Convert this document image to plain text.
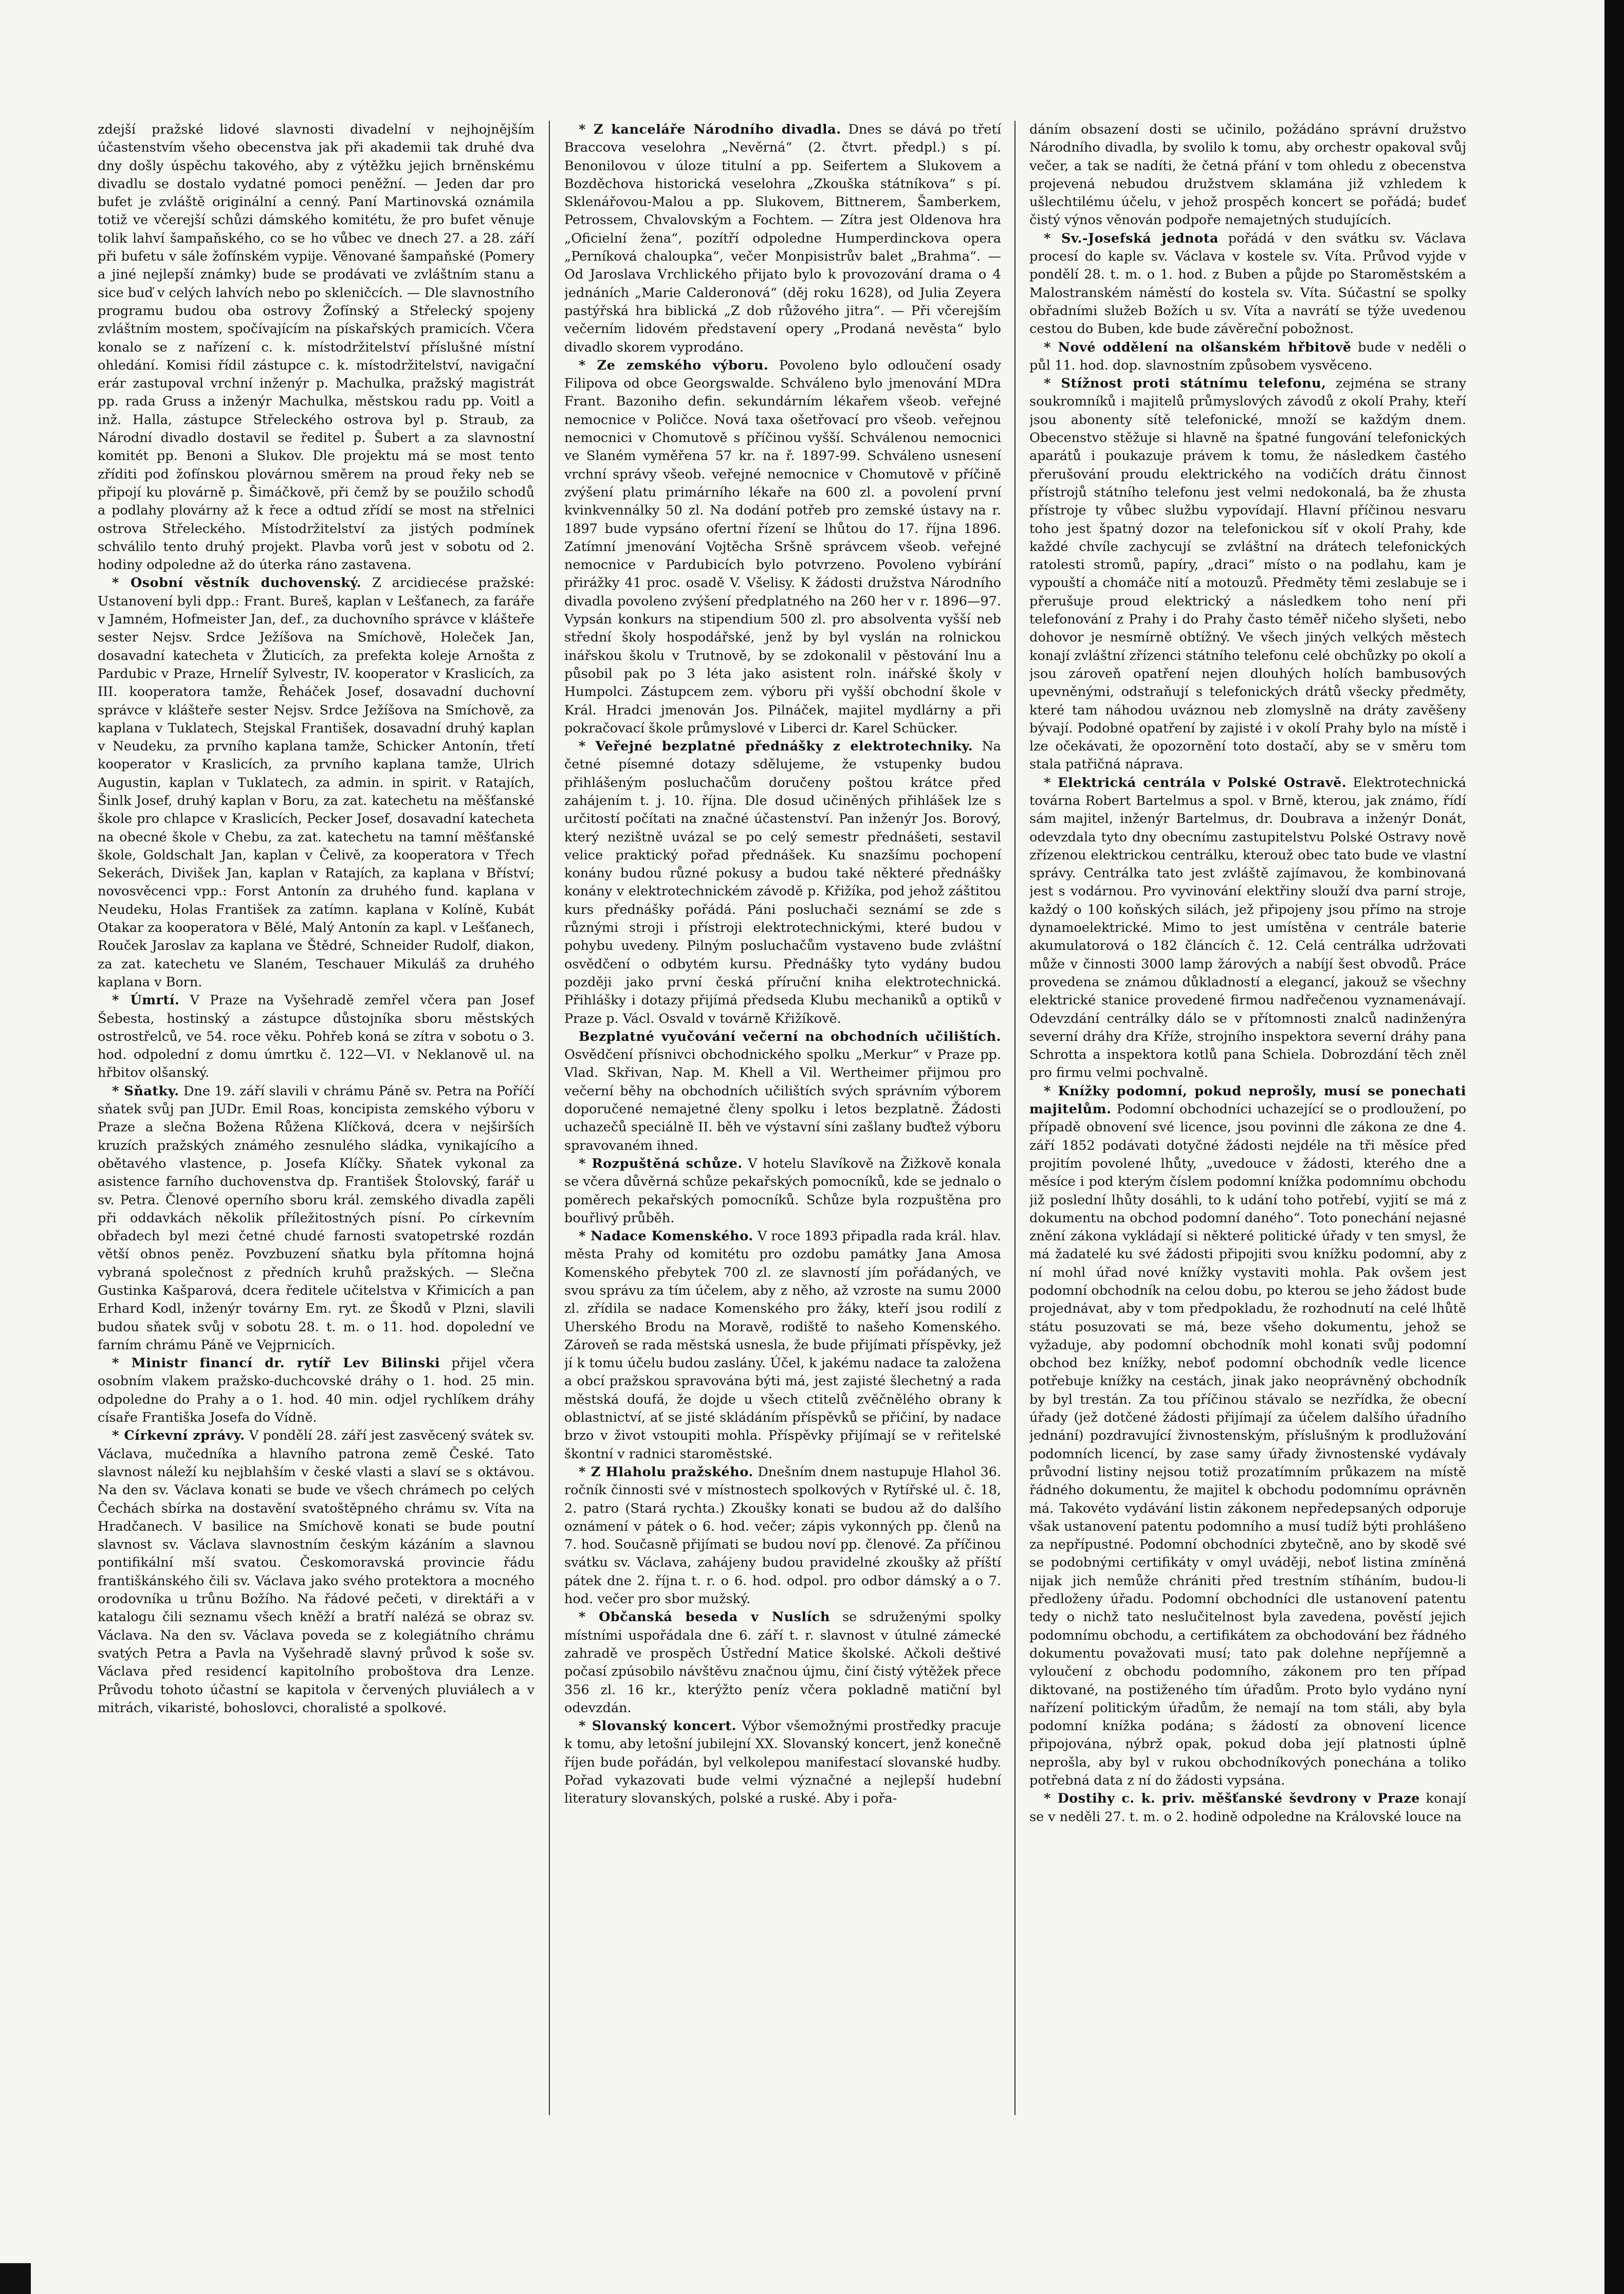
zdejší pražské lidové slavnosti divadelní v nejhojnějším účastenstvím všeho obecenstva jak při akademii tak druhé dva dny došly úspěchu takového, aby z výtěžku jejich brněnskému divadlu se dostalo vydatné pomoci peněžní. — Jeden dar pro bufet je zvláště originální a cenný. Paní Martinovská oznámila totiž ve včerejší schůzi dámského komitétu, že pro bufet věnuje tolik lahví šampaňského, co se ho vůbec ve dnech 27. a 28. září při bufetu v sále žofínském vypije. Věnované šampaňské (Pomery a jiné nejlepší známky) bude se prodávati ve zvláštním stanu a sice buď v celých lahvích nebo po skleničcích. — Dle slavnostního programu budou oba ostrovy Žofínský a Střelecký spojeny zvláštním mostem, spočívajícím na pískařských pramicích. Včera konalo se z nařízení c. k. místodržitelství příslušné místní ohledání. Komisi řídil zástupce c. k. místodržitelství, navigační erár zastupoval vrchní inženýr p. Machulka, pražský magistrát pp. rada Gruss a inženýr Machulka, městskou radu pp. Voitl a inž. Halla, zástupce Střeleckého ostrova byl p. Straub, za Národní divadlo dostavil se ředitel p. Šubert a za slavnostní komitét pp. Benoni a Slukov. Dle projektu má se most tento zříditi pod žofínskou plovárnou směrem na proud řeky neb se připojí ku plovárně p. Šimáčkově, při čemž by se použilo schodů a podlahy plovárny až k řece a odtud zřídí se most na střelnici ostrova Střeleckého. Místodržitelství za jistých podmínek schválilo tento druhý projekt. Plavba vorů jest v sobotu od 2. hodiny odpoledne až do úterka ráno zastavena.

* Osobní věstník duchovenský. Z arcidiecése pražské: Ustanovení byli dpp.: Frant. Bureš, kaplan v Lešťanech, za faráře v Jamném, Hofmeister Jan, def., za duchovního správce v klášteře sester Nejsv. Srdce Ježíšova na Smíchově, Holeček Jan, dosavadní katecheta v Žluticích, za prefekta koleje Arnošta z Pardubic v Praze, Hrnelíř Sylvestr, IV. kooperator v Kraslicích, za III. kooperatora tamže, Řeháček Josef, dosavadní duchovní správce v klášteře sester Nejsv. Srdce Ježíšova na Smíchově, za kaplana v Tuklatech, Stejskal František, dosavadní druhý kaplan v Neudeku, za prvního kaplana tamže, Schicker Antonín, třetí kooperator v Kraslicích, za prvního kaplana tamže, Ulrich Augustin, kaplan v Tuklatech, za admin. in spirit. v Ratajích, Šinlk Josef, druhý kaplan v Boru, za zat. katechetu na měšťanské škole pro chlapce v Kraslicích, Pecker Josef, dosavadní katecheta na obecné škole v Chebu, za zat. katechetu na tamní měšťanské škole, Goldschalt Jan, kaplan v Čelivě, za kooperatora v Třech Sekerách, Divišek Jan, kaplan v Ratajích, za kaplana v Bříství; novosvěcenci vpp.: Forst Antonín za druhého fund. kaplana v Neudeku, Holas František za zatímn. kaplana v Kolíně, Kubát Otakar za kooperatora v Bělé, Malý Antonín za kapl. v Lešťanech, Rouček Jaroslav za kaplana ve Štědré, Schneider Rudolf, diakon, za zat. katechetu ve Slaném, Teschauer Mikuláš za druhého kaplana v Born.

* Úmrtí. V Praze na Vyšehradě zemřel včera pan Josef Šebesta, hostinský a zástupce důstojníka sboru městských ostrostřelců, ve 54. roce věku. Pohřeb koná se zítra v sobotu o 3. hod. odpolední z domu úmrtku č. 122—VI. v Neklanově ul. na hřbitov olšanský.

* Sňatky. Dne 19. září slavili v chrámu Páně sv. Petra na Poříčí sňatek svůj pan JUDr. Emil Roas, koncipista zemského výboru v Praze a slečna Božena Růžena Klíčková, dcera v nejširších kruzích pražských známého zesnulého sládka, vynikajícího a obětavého vlastence, p. Josefa Klíčky. Sňatek vykonal za asistence farního duchovenstva dp. František Štolovský, farář u sv. Petra. Členové operního sboru král. zemského divadla zapěli při oddavkách několik příležitostných písní. Po církevním obřadech byl mezi četné chudé farnosti svatopetrské rozdán větší obnos peněz. Povzbuzení sňatku byla přítomna hojná vybraná společnost z předních kruhů pražských. — Slečna Gustinka Kašparová, dcera ředitele učitelstva v Křimicích a pan Erhard Kodl, inženýr továrny Em. ryt. ze Škodů v Plzni, slavili budou sňatek svůj v sobotu 28. t. m. o 11. hod. dopolední ve farním chrámu Páně ve Vejprnicích.

* Ministr financí dr. rytíř Lev Bilinski přijel včera osobním vlakem pražsko-duchcovské dráhy o 1. hod. 25 min. odpoledne do Prahy a o 1. hod. 40 min. odjel rychlíkem dráhy císaře Františka Josefa do Vídně.

* Církevní zprávy. V pondělí 28. září jest zasvěcený svátek sv. Václava, mučedníka a hlavního patrona země České. Tato slavnost náleží ku nejblahším v české vlasti a slaví se s oktávou. Na den sv. Václava konati se bude ve všech chrámech po celých Čechách sbírka na dostavění svatoštěpného chrámu sv. Víta na Hradčanech. V basilice na Smíchově konati se bude poutní slavnost sv. Václava slavnostním českým kázáním a slavnou pontifikální mší svatou. Českomoravská provincie řádu františkánského čili sv. Václava jako svého protektora a mocného orodovníka u trůnu Božího. Na řádové pečeti, v direktáři a v katalogu čili seznamu všech kněží a bratří nalézá se obraz sv. Václava. Na den sv. Václava poveda se z kolegiátního chrámu svatých Petra a Pavla na Vyšehradě slavný průvod k soše sv. Václava před residencí kapitolního proboštova dra Lenze. Průvodu tohoto účastní se kapitola v červených pluviálech a v mitrách, vikaristé, bohoslovci, choralisté a spolkové.

* Z kanceláře Národního divadla. Dnes se dává po třetí Braccova veselohra „Nevěrná“ (2. čtvrt. předpl.) s pí. Benonilovou v úloze titulní a pp. Seifertem a Slukovem a Bozděchova historická veselohra „Zkouška státníkova“ s pí. Sklenářovou-Malou a pp. Slukovem, Bittnerem, Šamberkem, Petrossem, Chvalovským a Fochtem. — Zítra jest Oldenova hra „Oficielní žena“, pozítří odpoledne Humperdinckova opera „Perníková chaloupka“, večer Monpisistrův balet „Brahma“. — Od Jaroslava Vrchlického přijato bylo k provozování drama o 4 jednáních „Marie Calderonová“ (děj roku 1628), od Julia Zeyera pastýřská hra biblická „Z dob růžového jitra“. — Při včerejším večerním lidovém představení opery „Prodaná nevěsta“ bylo divadlo skorem vyprodáno.

* Ze zemského výboru. Povoleno bylo odloučení osady Filipova od obce Georgswalde. Schváleno bylo jmenování MDra Frant. Bazoniho defin. sekundárním lékařem všeob. veřejné nemocnice v Poličce. Nová taxa ošetřovací pro všeob. veřejnou nemocnici v Chomutově s příčinou vyšší. Schválenou nemocnici ve Slaném vyměřena 57 kr. na ř. 1897-99. Schváleno usnesení vrchní správy všeob. veřejné nemocnice v Chomutově v příčině zvýšení platu primárního lékaře na 600 zl. a povolení první kvinkvennálky 50 zl. Na dodání potřeb pro zemské ústavy na r. 1897 bude vypsáno ofertní řízení se lhůtou do 17. října 1896. Zatímní jmenování Vojtěcha Sršně správcem všeob. veřejné nemocnice v Pardubicích bylo potvrzeno. Povoleno vybírání přirážky 41 proc. osadě V. Všelisy. K žádosti družstva Národního divadla povoleno zvýšení předplatného na 260 her v r. 1896—97. Vypsán konkurs na stipendium 500 zl. pro absolventa vyšší neb střední školy hospodářské, jenž by byl vyslán na rolnickou inářskou školu v Trutnově, by se zdokonalil v pěstování lnu a působil pak po 3 léta jako asistent roln. inářské školy v Humpolci. Zástupcem zem. výboru při vyšší obchodní škole v Král. Hradci jmenován Jos. Pilnáček, majitel mydlárny a při pokračovací škole průmyslové v Liberci dr. Karel Schücker.

* Veřejné bezplatné přednášky z elektrotechniky. Na četné písemné dotazy sdělujeme, že vstupenky budou přihlášeným posluchačům doručeny poštou krátce před zahájením t. j. 10. října. Dle dosud učiněných přihlášek lze s určitostí počítati na značné účastenství. Pan inženýr Jos. Borový, který nezištně uvázal se po celý semestr přednášeti, sestavil velice praktický pořad přednášek. Ku snazšímu pochopení konány budou různé pokusy a budou také některé přednášky konány v elektrotechnickém závodě p. Křižíka, pod jehož záštitou kurs přednášky pořádá. Páni posluchači seznámí se zde s různými stroji i přístroji elektrotechnickými, které budou v pohybu uvedeny. Pilným posluchačům vystaveno bude zvláštní osvědčení o odbytém kursu. Přednášky tyto vydány budou později jako první česká příruční kniha elektrotechnická. Přihlášky i dotazy přijímá předseda Klubu mechaniků a optiků v Praze p. Václ. Osvald v továrně Křižíkově.

Bezplatné vyučování večerní na obchodních učilištích. Osvědčení přísnivci obchodnického spolku „Merkur“ v Praze pp. Vlad. Skřivan, Nap. M. Khell a Vil. Wertheimer přijmou pro večerní běhy na obchodních učilištích svých správním výborem doporučené nemajetné členy spolku i letos bezplatně. Žádosti uchazečů speciálně II. běh ve výstavní síni zašlany buďtež výboru spravovaném ihned.

* Rozpuštěná schůze. V hotelu Slavíkově na Žižkově konala se včera důvěrná schůze pekařských pomocníků, kde se jednalo o poměrech pekařských pomocníků. Schůze byla rozpuštěna pro bouřlivý průběh.

* Nadace Komenského. V roce 1893 připadla rada král. hlav. města Prahy od komitétu pro ozdobu památky Jana Amosa Komenského přebytek 700 zl. ze slavností jím pořádaných, ve svou správu za tím účelem, aby z něho, až vzroste na sumu 2000 zl. zřídila se nadace Komenského pro žáky, kteří jsou rodilí z Uherského Brodu na Moravě, rodiště to našeho Komenského. Zároveň se rada městská usnesla, že bude přijímati příspěvky, jež jí k tomu účelu budou zaslány. Účel, k jakému nadace ta založena a obcí pražskou spravována býti má, jest zajisté šlechetný a rada městská doufá, že dojde u všech ctitelů zvěčnělého obrany k oblastnictví, ať se jisté skládáním příspěvků se přičiní, by nadace brzo v život vstoupiti mohla. Příspěvky přijímají se v reřitelské škontní v radnici staroměstské.

* Z Hlaholu pražského. Dnešním dnem nastupuje Hlahol 36. ročník činnosti své v místnostech spolkových v Rytířské ul. č. 18, 2. patro (Stará rychta.) Zkoušky konati se budou až do dalšího oznámení v pátek o 6. hod. večer; zápis vykonných pp. členů na 7. hod. Současně přijímati se budou noví pp. členové. Za příčinou svátku sv. Václava, zahájeny budou pravidelné zkoušky až příští pátek dne 2. října t. r. o 6. hod. odpol. pro odbor dámský a o 7. hod. večer pro sbor mužský.

* Občanská beseda v Nuslích se sdruženými spolky místními uspořádala dne 6. září t. r. slavnost v útulné zámecké zahradě ve prospěch Ústřední Matice školské. Ačkoli deštivé počasí zpúsobilo návštěvu značnou újmu, činí čistý výtěžek přece 356 zl. 16 kr., kterýžto peníz včera pokladně matiční byl odevzdán.

* Slovanský koncert. Výbor všemožnými prostředky pracuje k tomu, aby letošní jubilejní XX. Slovanský koncert, jenž konečně říjen bude pořádán, byl velkolepou manifestací slovanské hudby. Pořad vykazovati bude velmi význačné a nejlepší hudební literatury slovanských, polské a ruské. Aby i pořa-

dáním obsazení dosti se učinilo, požádáno správní družstvo Národního divadla, by svolilo k tomu, aby orchestr opakoval svůj večer, a tak se nadíti, že četná přání v tom ohledu z obecenstva projevená nebudou družstvem sklamána již vzhledem k ušlechtilému účelu, v jehož prospěch koncert se pořádá; budeť čistý výnos věnován podpoře nemajetných studujících.

* Sv.-Josefská jednota pořádá v den svátku sv. Václava procesí do kaple sv. Václava v kostele sv. Víta. Průvod vyjde v pondělí 28. t. m. o 1. hod. z Buben a půjde po Staroměstském a Malostranském náměstí do kostela sv. Víta. Súčastní se spolky obřadními služeb Božích u sv. Víta a navrátí se týže uvedenou cestou do Buben, kde bude závěreční pobožnost.

* Nové oddělení na olšanském hřbitově bude v neděli o půl 11. hod. dop. slavnostním způsobem vysvěceno.

* Stížnost proti státnímu telefonu, zejména se strany soukromníků i majitelů průmyslových závodů z okolí Prahy, kteří jsou abonenty sítě telefonické, množí se každým dnem. Obecenstvo stěžuje si hlavně na špatné fungování telefonických aparátů i poukazuje právem k tomu, že následkem častého přerušování proudu elektrického na vodičích drátu činnost přístrojů státního telefonu jest velmi nedokonalá, ba že zhusta přístroje ty vůbec službu vypovídají. Hlavní příčinou nesvaru toho jest špatný dozor na telefonickou síť v okolí Prahy, kde každé chvíle zachycují se zvláštní na drátech telefonických ratolesti stromů, papíry, „draci“ místo o na podlahu, kam je vypouští a chomáče nití a motouzů. Předměty těmi zeslabuje se i přerušuje proud elektrický a následkem toho není při telefonování z Prahy i do Prahy často téměř ničeho slyšeti, nebo dohovor je nesmírně obtížný. Ve všech jiných velkých městech konají zvláštní zřízenci státního telefonu celé obchůzky po okolí a jsou zároveň opatření nejen dlouhých holích bambusových upevněnými, odstraňují s telefonických drátů všecky předměty, které tam náhodou uváznou neb zlomyslně na dráty zavěšeny bývají. Podobné opatření by zajisté i v okolí Prahy bylo na místě i lze očekávati, že opozornění toto dostačí, aby se v směru tom stala patřičná náprava.

* Elektrická centrála v Polské Ostravě. Elektrotechnická továrna Robert Bartelmus a spol. v Brně, kterou, jak známo, řídí sám majitel, inženýr Bartelmus, dr. Doubrava a inženýr Donát, odevzdala tyto dny obecnímu zastupitelstvu Polské Ostravy nově zřízenou elektrickou centrálku, kterouž obec tato bude ve vlastní správy. Centrálka tato jest zvláště zajímavou, že kombinovaná jest s vodárnou. Pro vyvinování elektřiny slouží dva parní stroje, každý o 100 koňských silách, jež připojeny jsou přímo na stroje dynamoelektrické. Mimo to jest umístěna v centrále baterie akumulatorová o 182 článcích č. 12. Celá centrálka udržovati může v činnosti 3000 lamp žárových a nabíjí šest obvodů. Práce provedena se známou důkladností a elegancí, jakouž se všechny elektrické stanice provedené firmou nadřečenou vyznamenávají. Odevzdání centrálky dálo se v přítomnosti znalců nadinženýra severní dráhy dra Kříže, strojního inspektora severní dráhy pana Schrotta a inspektora kotlů pana Schiela. Dobrozdání těch zněl pro firmu velmi pochvalně.

* Knížky podomní, pokud neprošly, musí se ponechati majitelům. Podomní obchodníci uchazející se o prodloužení, po případě obnovení své licence, jsou povinni dle zákona ze dne 4. září 1852 podávati dotyčné žádosti nejdéle na tři měsíce před projitím povolené lhůty, „uvedouce v žádosti, kterého dne a měsíce i pod kterým číslem podomní knížka podomnímu obchodu již poslední lhůty dosáhli, to k udání toho potřebí, vyjití se má z dokumentu na obchod podomní daného“. Toto ponechání nejasné znění zákona vykládají si některé politické úřady v ten smysl, že má žadatelé ku své žádosti připojiti svou knížku podomní, aby z ní mohl úřad nové knížky vystaviti mohla. Pak ovšem jest podomní obchodník na celou dobu, po kterou se jeho žádost bude projednávat, aby v tom předpokladu, že rozhodnutí na celé lhůtě státu posuzovati se má, beze všeho dokumentu, jehož se vyžaduje, aby podomní obchodník mohl konati svůj podomní obchod bez knížky, neboť podomní obchodník vedle licence potřebuje knížky na cestách, jinak jako neoprávněný obchodník by byl trestán. Za tou příčinou stávalo se nezřídka, že obecní úřady (jež dotčené žádosti přijímají za účelem dalšího úřadního jednání) pozdravující živnostenským, příslušným k prodlužování podomních licencí, by zase samy úřady živnostenské vydávaly průvodní listiny nejsou totiž prozatímním průkazem na místě řádného dokumentu, že majitel k obchodu podomnímu oprávněn má. Takovéto vydávání listin zákonem nepředepsaných odporuje však ustanovení patentu podomního a musí tudíž býti prohlášeno za nepřípustné. Podomní obchodníci zbytečně, ano by skodě své se podobnými certifikáty v omyl uváději, neboť listina zmíněná nijak jich nemůže chrániti před trestním stíháním, budou-li předloženy úřadu. Podomní obchodníci dle ustanovení patentu tedy o nichž tato neslučitelnost byla zavedena, pověstí jejich podomnímu obchodu, a certifikátem za obchodování bez řádného dokumentu považovati musí; tato pak dolehne nepříjemně a vyloučení z obchodu podomního, zákonem pro ten případ diktované, na postiženého tím úřadům. Proto bylo vydáno nyní nařízení politickým úřadům, že nemají na tom stáli, aby byla podomní knížka podána; s žádostí za obnovení licence připojována, nýbrž opak, pokud doba její platnosti úplně neprošla, aby byl v rukou obchodníkových ponechána a toliko potřebná data z ní do žádosti vypsána.

* Dostihy c. k. priv. měšťanské ševdrony v Praze konají se v neděli 27. t. m. o 2. hodině odpoledne na Královské louce na
